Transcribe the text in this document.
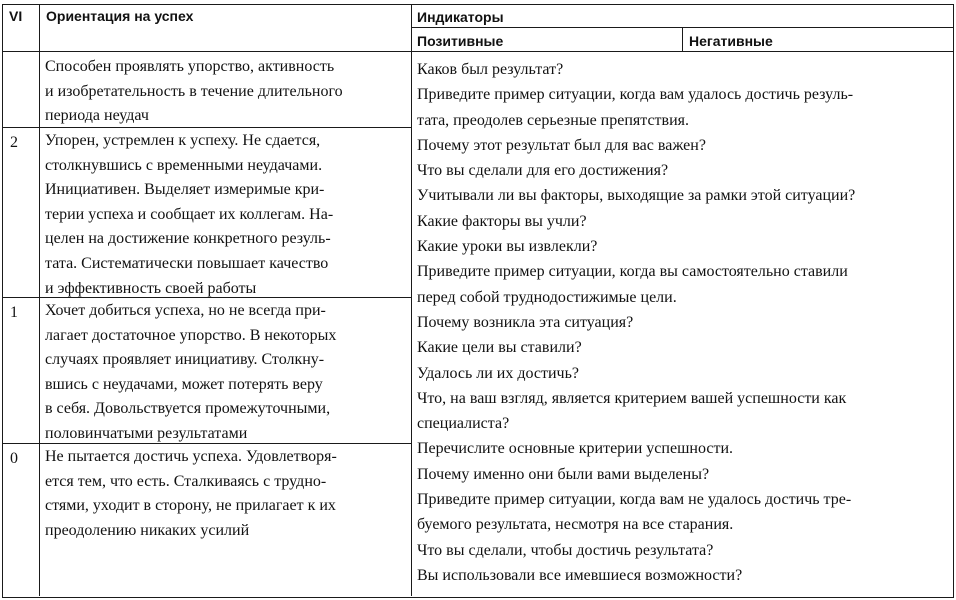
VI Ориентация на успех	Индикаторы
Позитивные	Негативные
Способен проявлять упорство, активность
и изобретательность в течение длительного
периода неудач
2 Упорен, устремлен к успеху. Не сдается,
столкнувшись с временными неудачами.
Инициативен. Выделяет измеримые кри-
терии успеха и сообщает их коллегам. На-
целен на достижение конкретного резуль-
тата. Систематически повышает качество
и эффективность своей работы
1 Хочет добиться успеха, но не всегда при-
лагает достаточное упорство. В некоторых
случаях проявляет инициативу. Столкну-
вшись с неудачами, может потерять веру
в себя. Довольствуется промежуточными,
половинчатыми результатами
0 Не пытается достичь успеха. Удовлетворя-
ется тем, что есть. Сталкиваясь с трудно-
стями, уходит в сторону, не прилагает к их
преодолению никаких усилий
Каков был результат?
Приведите пример ситуации, когда вам удалось достичь резуль-
тата, преодолев серьезные препятствия.
Почему этот результат был для вас важен?
Что вы сделали для его достижения?
Учитывали ли вы факторы, выходящие за рамки этой ситуации?
Какие факторы вы учли?
Какие уроки вы извлекли?
Приведите пример ситуации, когда вы самостоятельно ставили
перед собой труднодостижимые цели.
Почему возникла эта ситуация?
Какие цели вы ставили?
Удалось ли их достичь?
Что, на ваш взгляд, является критерием вашей успешности как
специалиста?
Перечислите основные критерии успешности.
Почему именно они были вами выделены?
Приведите пример ситуации, когда вам не удалось достичь тре-
буемого результата, несмотря на все старания.
Что вы сделали, чтобы достичь результата?
Вы использовали все имевшиеся возможности?
